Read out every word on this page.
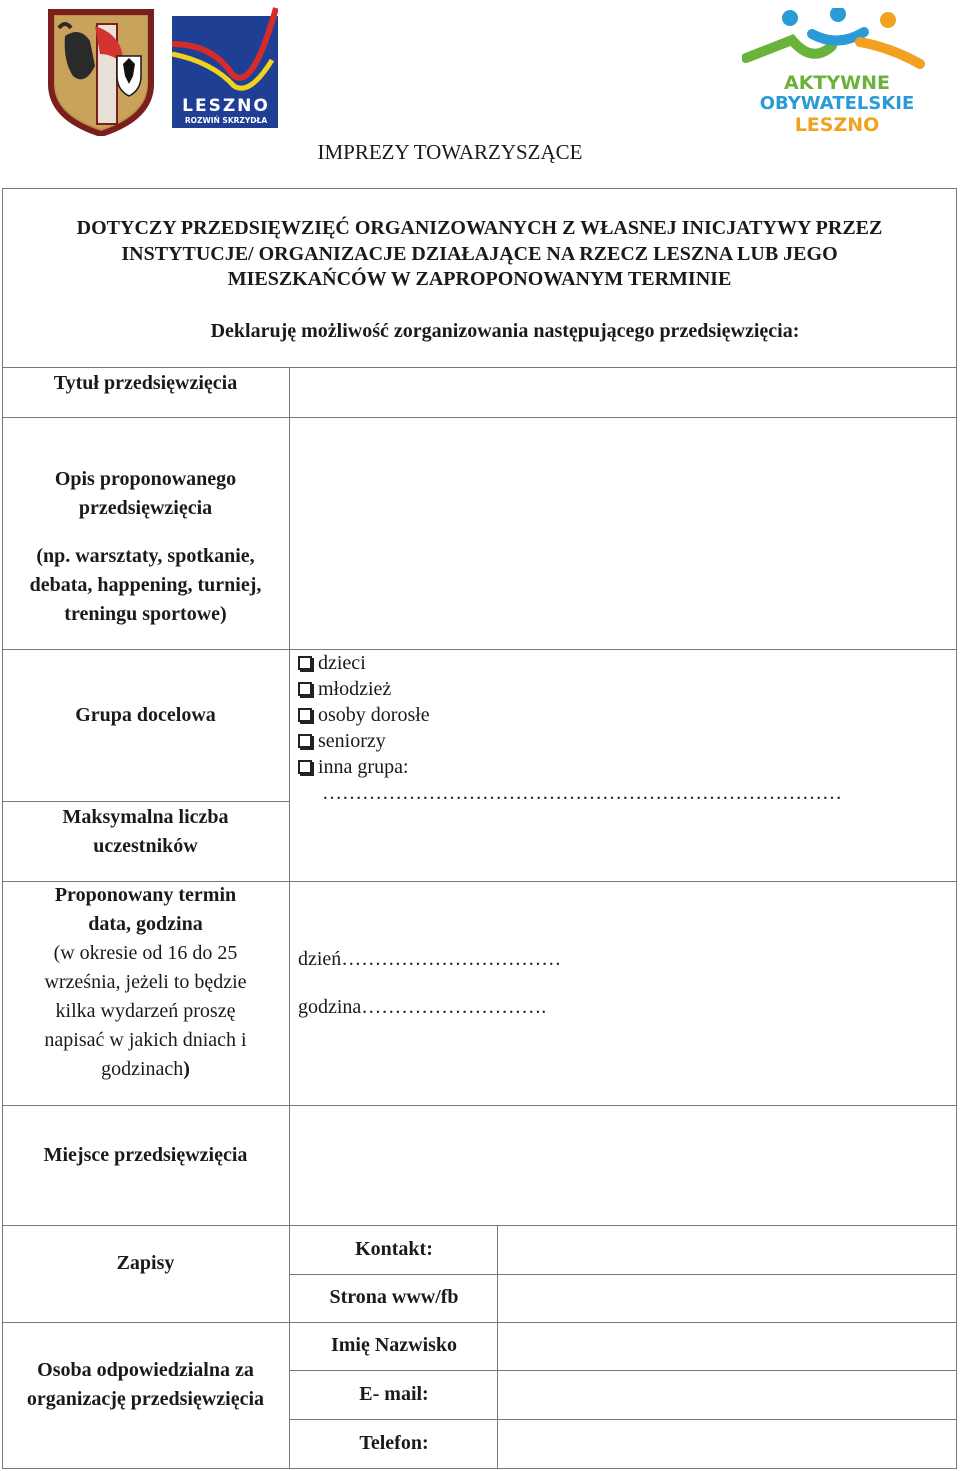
LESZNO
ROZWIŃ SKRZYDŁA
AKTYWNE
OBYWATELSKIE
LESZNO
IMPREZY TOWARZYSZĄCE
DOTYCZY PRZEDSIĘWZIĘĆ ORGANIZOWANYCH Z WŁASNEJ INICJATYWY PRZEZ
INSTYTUCJE/ ORGANIZACJE DZIAŁAJĄCE NA RZECZ LESZNA LUB JEGO
MIESZKAŃCÓW W ZAPROPONOWANYM TERMINIE
Deklaruję możliwość zorganizowania następującego przedsięwzięcia:
Tytuł przedsięwzięcia
Opis proponowanego
przedsięwzięcia
(np. warsztaty, spotkanie,
debata, happening, turniej,
treningu sportowe)
Grupa docelowa
dzieci
młodzież
osoby dorosłe
seniorzy
inna grupa:
……………………………………………………………………
Maksymalna liczba
uczestników
Proponowany termin
data, godzina
(w okresie od 16 do 25
września, jeżeli to będzie
kilka wydarzeń proszę
napisać w jakich dniach i
godzinach)
dzień……………………………
godzina……………………….
Miejsce przedsięwzięcia
Zapisy
Osoba odpowiedzialna za
organizację przedsięwzięcia
Kontakt:
Strona www/fb
Imię Nazwisko
E- mail:
Telefon:
